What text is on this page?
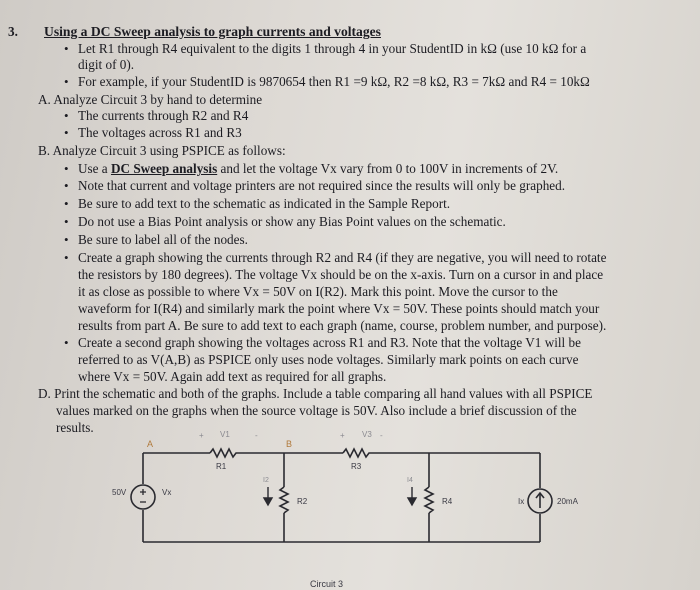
3. Using a DC Sweep analysis to graph currents and voltages
• Let R1 through R4 equivalent to the digits 1 through 4 in your StudentID in kΩ (use 10 kΩ for a
digit of 0).
• For example, if your StudentID is 9870654 then R1 =9 kΩ, R2 =8 kΩ, R3 = 7kΩ and R4 = 10kΩ
A. Analyze Circuit 3 by hand to determine
• The currents through R2 and R4
• The voltages across R1 and R3
B. Analyze Circuit 3 using PSPICE as follows:
• Use a DC Sweep analysis and let the voltage Vx vary from 0 to 100V in increments of 2V.
• Note that current and voltage printers are not required since the results will only be graphed.
• Be sure to add text to the schematic as indicated in the Sample Report.
• Do not use a Bias Point analysis or show any Bias Point values on the schematic.
• Be sure to label all of the nodes.
• Create a graph showing the currents through R2 and R4 (if they are negative, you will need to rotate
the resistors by 180 degrees). The voltage Vx should be on the x-axis. Turn on a cursor in and place
it as close as possible to where Vx = 50V on I(R2). Mark this point. Move the cursor to the
waveform for I(R4) and similarly mark the point where Vx = 50V. These points should match your
results from part A. Be sure to add text to each graph (name, course, problem number, and purpose).
• Create a second graph showing the voltages across R1 and R3. Note that the voltage V1 will be
referred to as V(A,B) as PSPICE only uses node voltages. Similarly mark points on each curve
where Vx = 50V. Again add text as required for all graphs.
D. Print the schematic and both of the graphs. Include a table comparing all hand values with all PSPICE
values marked on the graphs when the source voltage is 50V. Also include a brief discussion of the
results.
A	B
V1	V3
+	-	+	-
R1	R3
R2	R4
I2	I4
50V	Vx
Ix	20mA
Circuit 3
